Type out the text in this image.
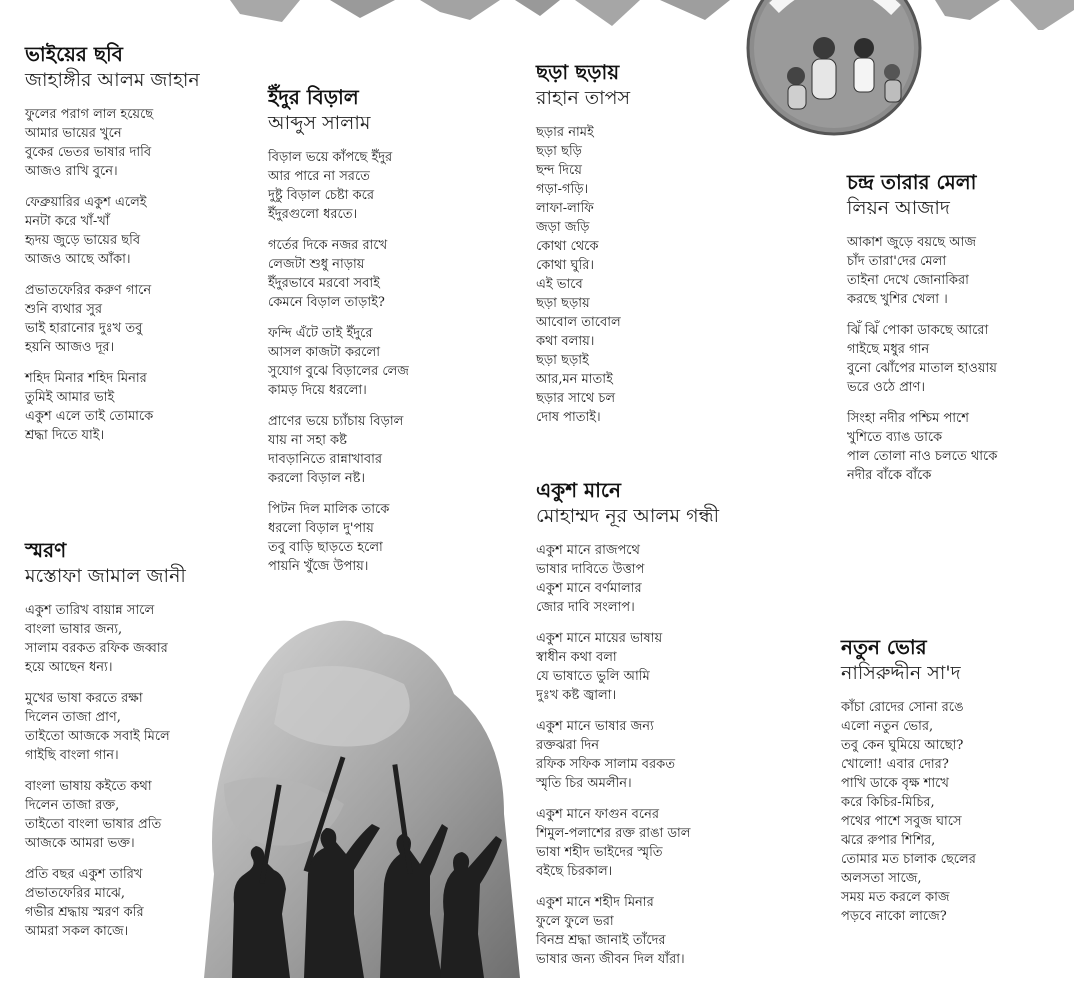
ভাইয়ের ছবি
জাহাঙ্গীর আলম জাহান
ফুলের পরাগ লাল হয়েছে
আমার ভায়ের খুনে
বুকের ভেতর ভাষার দাবি
আজও রাখি বুনে।
ফেব্রুয়ারির একুশ এলেই
মনটা করে খাঁ-খাঁ
হৃদয় জুড়ে ভায়ের ছবি
আজও আছে আঁকা।
প্রভাতফেরির করুণ গানে
শুনি ব্যথার সুর
ভাই হারানোর দুঃখ তবু
হয়নি আজও দূর।
শহিদ মিনার শহিদ মিনার
তুমিই আমার ভাই
একুশ এলে তাই তোমাকে
শ্রদ্ধা দিতে যাই।
স্মরণ
মস্তোফা জামাল জানী
একুশ তারিখ বায়ান্ন সালে
বাংলা ভাষার জন্য,
সালাম বরকত রফিক জব্বার
হয়ে আছেন ধন্য।
মুখের ভাষা করতে রক্ষা
দিলেন তাজা প্রাণ,
তাইতো আজকে সবাই মিলে
গাইছি বাংলা গান।
বাংলা ভাষায় কইতে কথা
দিলেন তাজা রক্ত,
তাইতো বাংলা ভাষার প্রতি
আজকে আমরা ভক্ত।
প্রতি বছর একুশ তারিখ
প্রভাতফেরির মাঝে,
গভীর শ্রদ্ধায় স্মরণ করি
আমরা সকল কাজে।
ইঁদুর বিড়াল
আব্দুস সালাম
বিড়াল ভয়ে কাঁপছে ইঁদুর
আর পারে না সরতে
দুষ্টু বিড়াল চেষ্টা করে
ইঁদুরগুলো ধরতে।
গর্তের দিকে নজর রাখে
লেজটা শুধু নাড়ায়
ইঁদুরভাবে মরবো সবাই
কেমনে বিড়াল তাড়াই?
ফন্দি এঁটে তাই ইঁদুরে
আসল কাজটা করলো
সুযোগ বুঝে বিড়ালের লেজ
কামড় দিয়ে ধরলো।
প্রাণের ভয়ে চ্যাঁচায় বিড়াল
যায় না সহা কষ্ট
দাবড়ানিতে রান্নাখাবার
করলো বিড়াল নষ্ট।
পিটন দিল মালিক তাকে
ধরলো বিড়াল দু'পায়
তবু বাড়ি ছাড়তে হলো
পায়নি খুঁজে উপায়।
ছড়া ছড়ায়
রাহান তাপস
ছড়ার নামই
ছড়া ছড়ি
ছন্দ দিয়ে
গড়া-গড়ি।
লাফা-লাফি
জড়া জড়ি
কোথা থেকে
কোথা ঘুরি।
এই ভাবে
ছড়া ছড়ায়
আবোল তাবোল
কথা বলায়।
ছড়া ছড়াই
আর,মন মাতাই
ছড়ার সাথে চল
দোষ পাতাই।
একুশ মানে
মোহাম্মদ নূর আলম গন্ধী
একুশ মানে রাজপথে
ভাষার দাবিতে উত্তাপ
একুশ মানে বর্ণমালার
জোর দাবি সংলাপ।
একুশ মানে মায়ের ভাষায়
স্বাধীন কথা বলা
যে ভাষাতে ভুলি আমি
দুঃখ কষ্ট জ্বালা।
একুশ মানে ভাষার জন্য
রক্তঝরা দিন
রফিক সফিক সালাম বরকত
স্মৃতি চির অমলীন।
একুশ মানে ফাগুন বনের
শিমুল-পলাশের রক্ত রাঙা ডাল
ভাষা শহীদ ভাইদের স্মৃতি
বইছে চিরকাল।
একুশ মানে শহীদ মিনার
ফুলে ফুলে ভরা
বিনম্র শ্রদ্ধা জানাই তাঁদের
ভাষার জন্য জীবন দিল যাঁরা।
চন্দ্র তারার মেলা
লিয়ন আজাদ
আকাশ জুড়ে বয়ছে আজ
চাঁদ তারা'দের মেলা
তাইনা দেখে জোনাকিরা
করছে খুশির খেলা ।
ঝিঁ ঝিঁ পোকা ডাকছে আরো
গাইছে মধুর গান
বুনো ঝোঁপের মাতাল হাওয়ায়
ভরে ওঠে প্রাণ।
সিংহা নদীর পশ্চিম পাশে
খুশিতে ব্যাঙ ডাকে
পাল তোলা নাও চলতে থাকে
নদীর বাঁকে বাঁকে
নতুন ভোর
নাসিরুদ্দীন সা'দ
কাঁচা রোদের সোনা রঙে
এলো নতুন ভোর,
তবু কেন ঘুমিয়ে আছো?
খোলো! এবার দোর?
পাখি ডাকে বৃক্ষ শাখে
করে কিচির-মিচির,
পথের পাশে সবুজ ঘাসে
ঝরে রুপার শিশির,
তোমার মত চালাক ছেলের
অলসতা সাজে,
সময় মত করলে কাজ
পড়বে নাকো লাজে?
